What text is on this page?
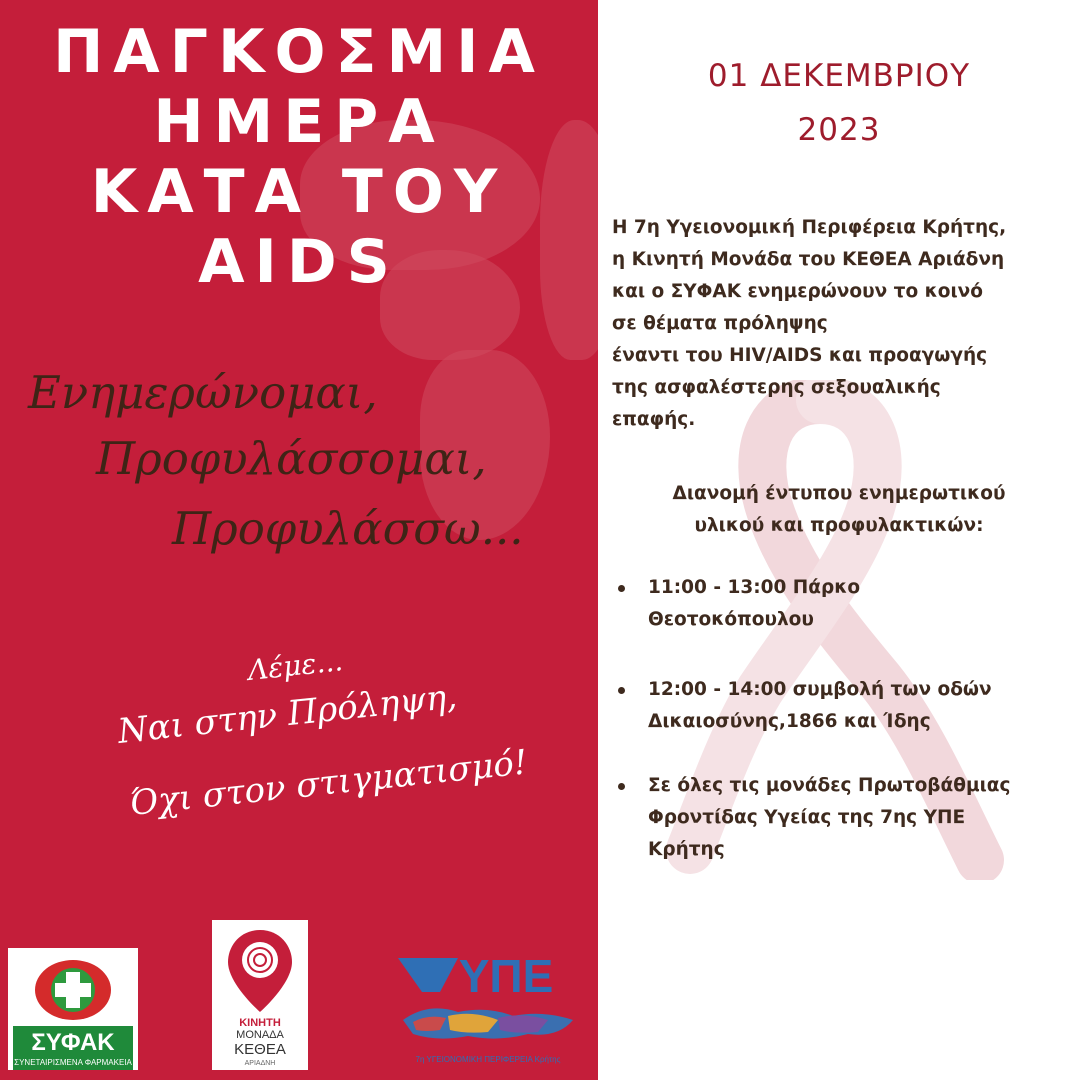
ΠΑΓΚΟΣΜΙΑ
ΗΜΕΡΑ
ΚΑΤΑ ΤΟΥ
AIDS
Ενημερώνομαι,
Προφυλάσσομαι,
Προφυλάσσω...
Λέμε...
Ναι στην Πρόληψη,
Όχι στον στιγματισμό!
ΣΥΦΑΚ
ΣΥΝΕΤΑΙΡΙΣΜΕΝΑ ΦΑΡΜΑΚΕΙΑ
ΚΙΝΗΤΗ
ΜΟΝΑΔΑ
ΚΕΘΕΑ
ΑΡΙΑΔΝΗ
ΥΠΕ
7η ΥΓΕΙΟΝΟΜΙΚΗ ΠΕΡΙΦΕΡΕΙΑ Κρήτης
01 ΔΕΚΕΜΒΡΙΟΥ
2023
Η 7η Υγειονομική Περιφέρεια Κρήτης,
η Κινητή Μονάδα του ΚΕΘΕΑ Αριάδνη
και ο ΣΥΦΑΚ ενημερώνουν το κοινό
σε θέματα πρόληψης
έναντι του HIV/AIDS και προαγωγής
της ασφαλέστερης σεξουαλικής
επαφής.
Διανομή έντυπου ενημερωτικού
υλικού και προφυλακτικών:
11:00 - 13:00 Πάρκο
Θεοτοκόπουλου
12:00 - 14:00 συμβολή των οδών
Δικαιοσύνης,1866 και Ίδης
Σε όλες τις μονάδες Πρωτοβάθμιας
Φροντίδας Υγείας της 7ης ΥΠΕ
Κρήτης
